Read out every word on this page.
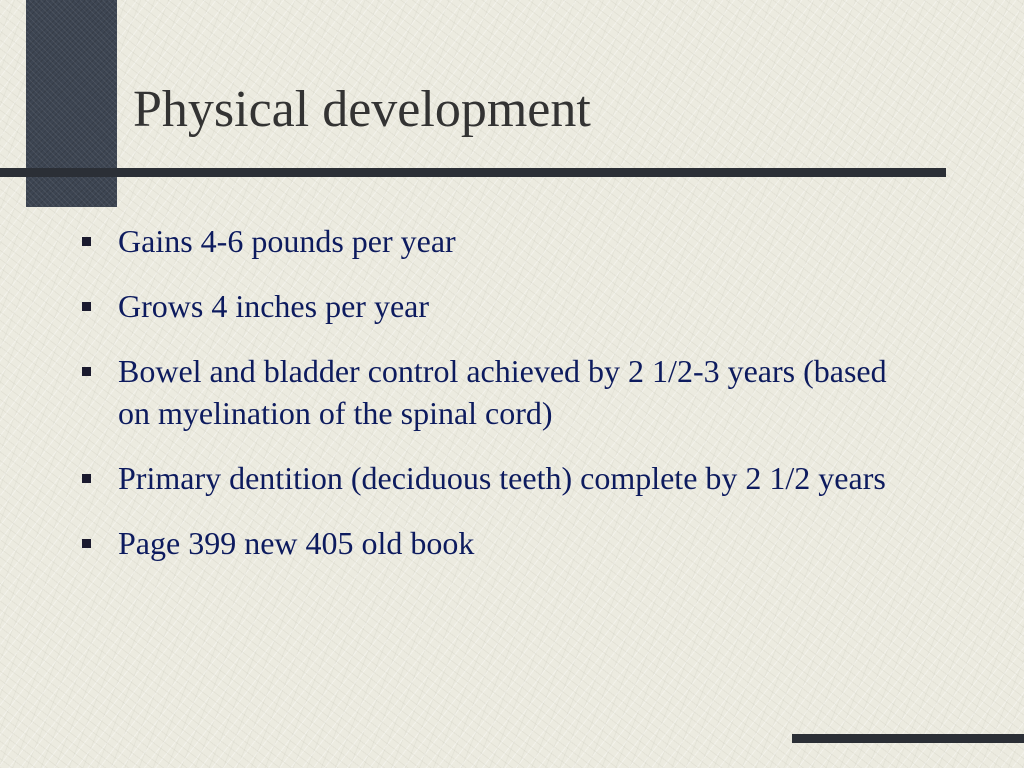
Physical development
Gains 4-6 pounds per year
Grows 4 inches per year
Bowel and bladder control achieved by 2 1/2-3 years (based on myelination of the spinal cord)
Primary dentition (deciduous teeth) complete by 2 1/2 years
Page 399 new 405 old book
